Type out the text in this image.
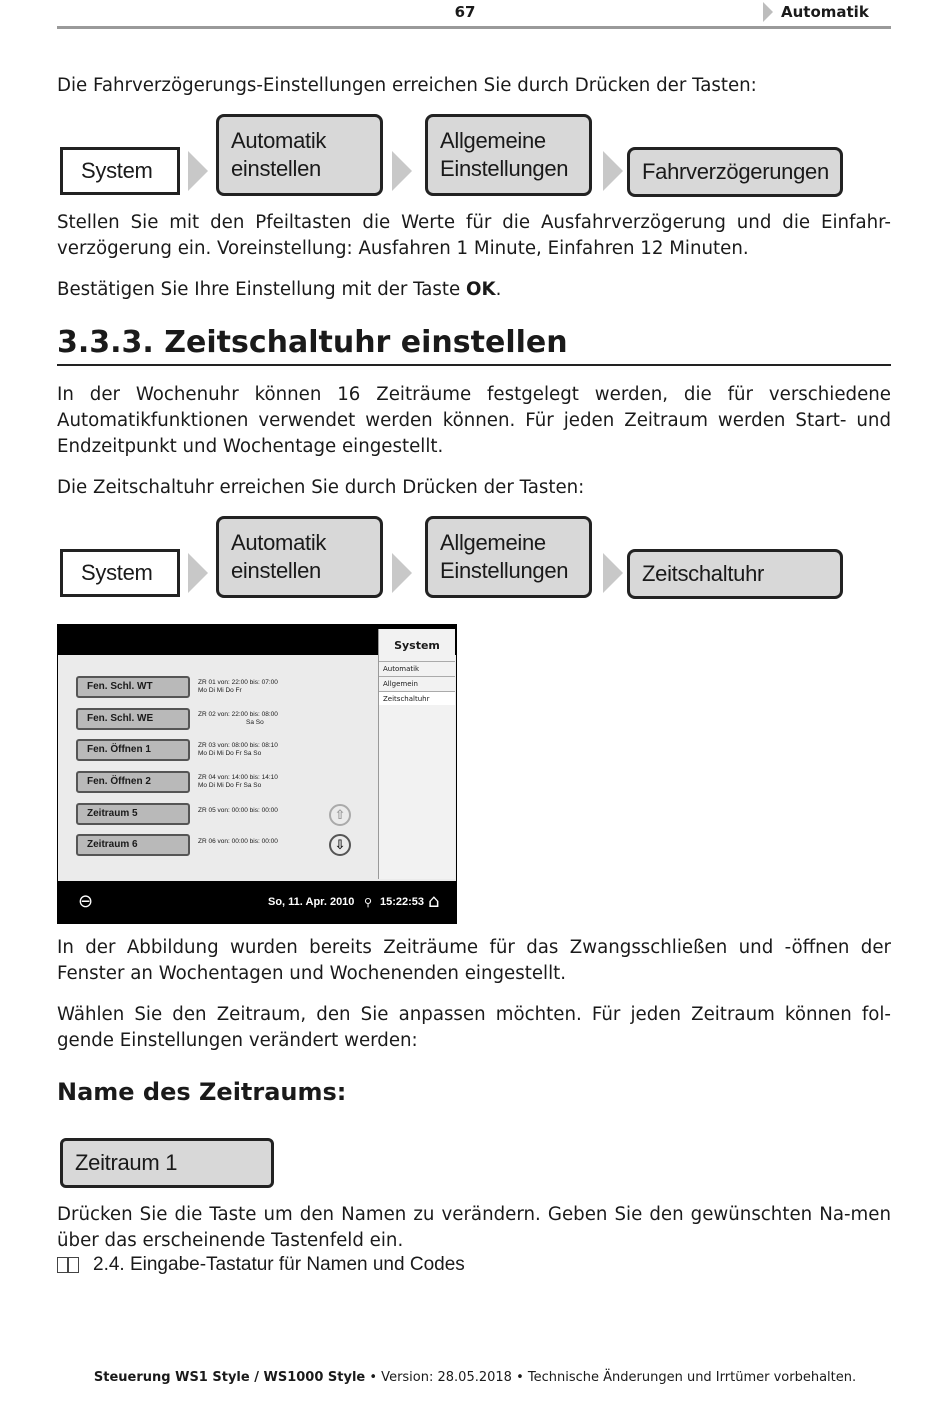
67	Automatik
Die Fahrverzögerungs-Einstellungen erreichen Sie durch Drücken der Tasten:
System
Automatik einstellen
Allgemeine Einstellungen	Fahrverzögerungen
Stellen Sie mit den Pfeiltasten die Werte für die Ausfahrverzögerung und die Einfahr-verzögerung ein. Voreinstellung: Ausfahren 1 Minute, Einfahren 12 Minuten.
Bestätigen Sie Ihre Einstellung mit der Taste OK.
3.3.3. Zeitschaltuhr einstellen
In der Wochenuhr können 16 Zeiträume festgelegt werden, die für verschiedene Automatikfunktionen verwendet werden können. Für jeden Zeitraum werden Start- und Endzeitpunkt und Wochentage eingestellt.
Die Zeitschaltuhr erreichen Sie durch Drücken der Tasten:
System
Automatik einstellen
Allgemeine Einstellungen	Zeitschaltuhr
System
Automatik
Allgemein
Zeitschaltuhr
Fen. Schl. WT	ZR 01 von: 22:00 bis: 07:00
Mo Di Mi Do Fr
Fen. Schl. WE	ZR 02 von: 22:00 bis: 08:00
Sa So
Fen. Öffnen 1	ZR 03 von: 08:00 bis: 08:10
Mo Di Mi Do Fr Sa So
Fen. Öffnen 2	ZR 04 von: 14:00 bis: 14:10
Mo Di Mi Do Fr Sa So
Zeitraum 5	ZR 05 von: 00:00 bis: 00:00
Zeitraum 6	ZR 06 von: 00:00 bis: 00:00
⇧
⇩
⊖	So, 11. Apr. 2010 ⚲ 15:22:53 ⌂
In der Abbildung wurden bereits Zeiträume für das Zwangsschließen und -öffnen der Fenster an Wochentagen und Wochenenden eingestellt.
Wählen Sie den Zeitraum, den Sie anpassen möchten. Für jeden Zeitraum können fol-gende Einstellungen verändert werden:
Name des Zeitraums:
Zeitraum 1
Drücken Sie die Taste um den Namen zu verändern. Geben Sie den gewünschten Na-men über das erscheinende Tastenfeld ein.
2.4. Eingabe-Tastatur für Namen und Codes
Steuerung WS1 Style / WS1000 Style • Version: 28.05.2018 • Technische Änderungen und Irrtümer vorbehalten.
